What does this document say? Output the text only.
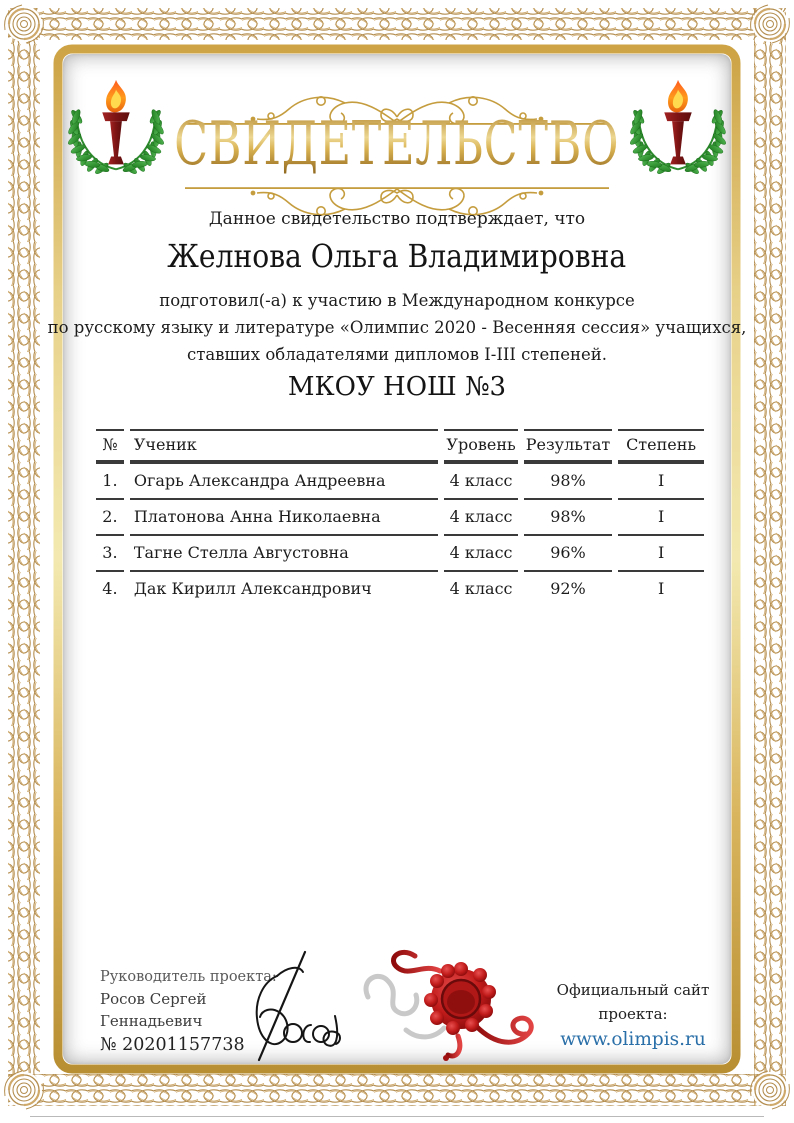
СВИДЕТЕЛЬСТВО
Данное свидетельство подтверждает, что
Желнова Ольга Владимировна
подготовил(-а) к участию в Международном конкурсе
по русскому языку и литературе «Олимпис 2020 - Весенняя сессия» учащихся,
ставших обладателями дипломов I-III степеней.
МКОУ НОШ №3
№	Ученик	Уровень	Результат	Степень
1.	Огарь Александра Андреевна	4 класс	98%	I
2.	Платонова Анна Николаевна	4 класс	98%	I
3.	Тагне Стелла Августовна	4 класс	96%	I
4.	Дак Кирилл Александрович	4 класс	92%	I
Руководитель проекта:
Росов Сергей Геннадьевич
№ 20201157738
Официальный сайт проекта:
www.olimpis.ru
